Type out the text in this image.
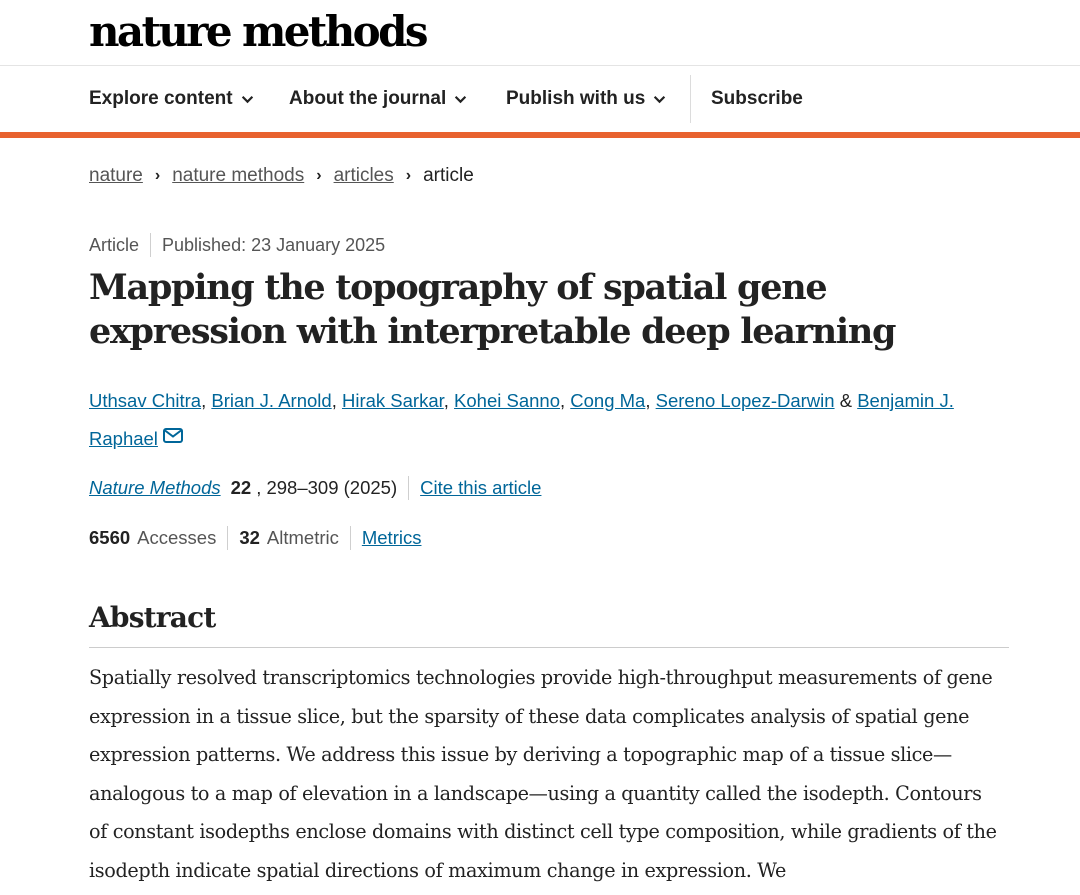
nature methods
Explore content	About the journal	Publish with us	Subscribe
nature › nature methods › articles › article
Article Published: 23 January 2025
Mapping the topography of spatial gene expression with interpretable deep learning
Uthsav Chitra, Brian J. Arnold, Hirak Sarkar, Kohei Sanno, Cong Ma, Sereno Lopez-Darwin & Benjamin J. Raphael
Nature Methods 22 , 298–309 (2025) Cite this article
6560 Accesses 32 Altmetric Metrics
Abstract

Spatially resolved transcriptomics technologies provide high-throughput measurements of gene expression in a tissue slice, but the sparsity of these data complicates analysis of spatial gene expression patterns. We address this issue by deriving a topographic map of a tissue slice—analogous to a map of elevation in a landscape—using a quantity called the isodepth. Contours of constant isodepths enclose domains with distinct cell type composition, while gradients of the isodepth indicate spatial directions of maximum change in expression. We
